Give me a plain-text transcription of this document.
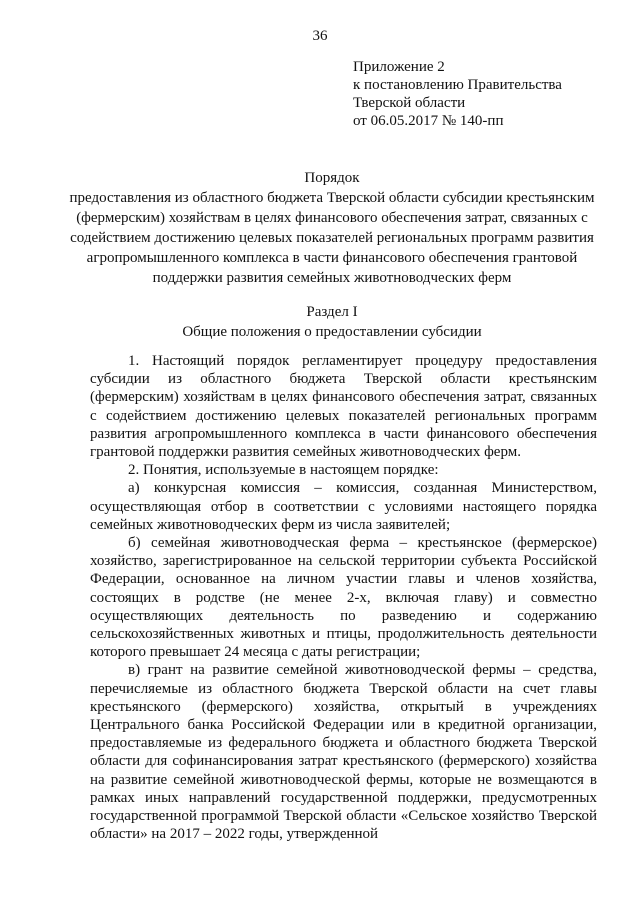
36
Приложение 2
к постановлению Правительства
Тверской области
от 06.05.2017 № 140-пп
Порядок
предоставления из областного бюджета Тверской области субсидии крестьянским (фермерским) хозяйствам в целях финансового обеспечения затрат, связанных с содействием достижению целевых показателей региональных программ развития агропромышленного комплекса в части финансового обеспечения грантовой поддержки развития семейных животноводческих ферм
Раздел I
Общие положения о предоставлении субсидии

1. Настоящий порядок регламентирует процедуру предоставления субсидии из областного бюджета Тверской области крестьянским (фермерским) хозяйствам в целях финансового обеспечения затрат, связанных с содействием достижению целевых показателей региональных программ развития агропромышленного комплекса в части финансового обеспечения грантовой поддержки развития семейных животноводческих ферм.

2. Понятия, используемые в настоящем порядке:

а) конкурсная комиссия – комиссия, созданная Министерством, осуществляющая отбор в соответствии с условиями настоящего порядка семейных животноводческих ферм из числа заявителей;

б) семейная животноводческая ферма – крестьянское (фермерское) хозяйство, зарегистрированное на сельской территории субъекта Российской Федерации, основанное на личном участии главы и членов хозяйства, состоящих в родстве (не менее 2-х, включая главу) и совместно осуществляющих деятельность по разведению и содержанию сельскохозяйственных животных и птицы, продолжительность деятельности которого превышает 24 месяца с даты регистрации;

в) грант на развитие семейной животноводческой фермы – средства, перечисляемые из областного бюджета Тверской области на счет главы крестьянского (фермерского) хозяйства, открытый в учреждениях Центрального банка Российской Федерации или в кредитной организации, предоставляемые из федерального бюджета и областного бюджета Тверской области для софинансирования затрат крестьянского (фермерского) хозяйства на развитие семейной животноводческой фермы, которые не возмещаются в рамках иных направлений государственной поддержки, предусмотренных государственной программой Тверской области «Сельское хозяйство Тверской области» на 2017 – 2022 годы, утвержденной
